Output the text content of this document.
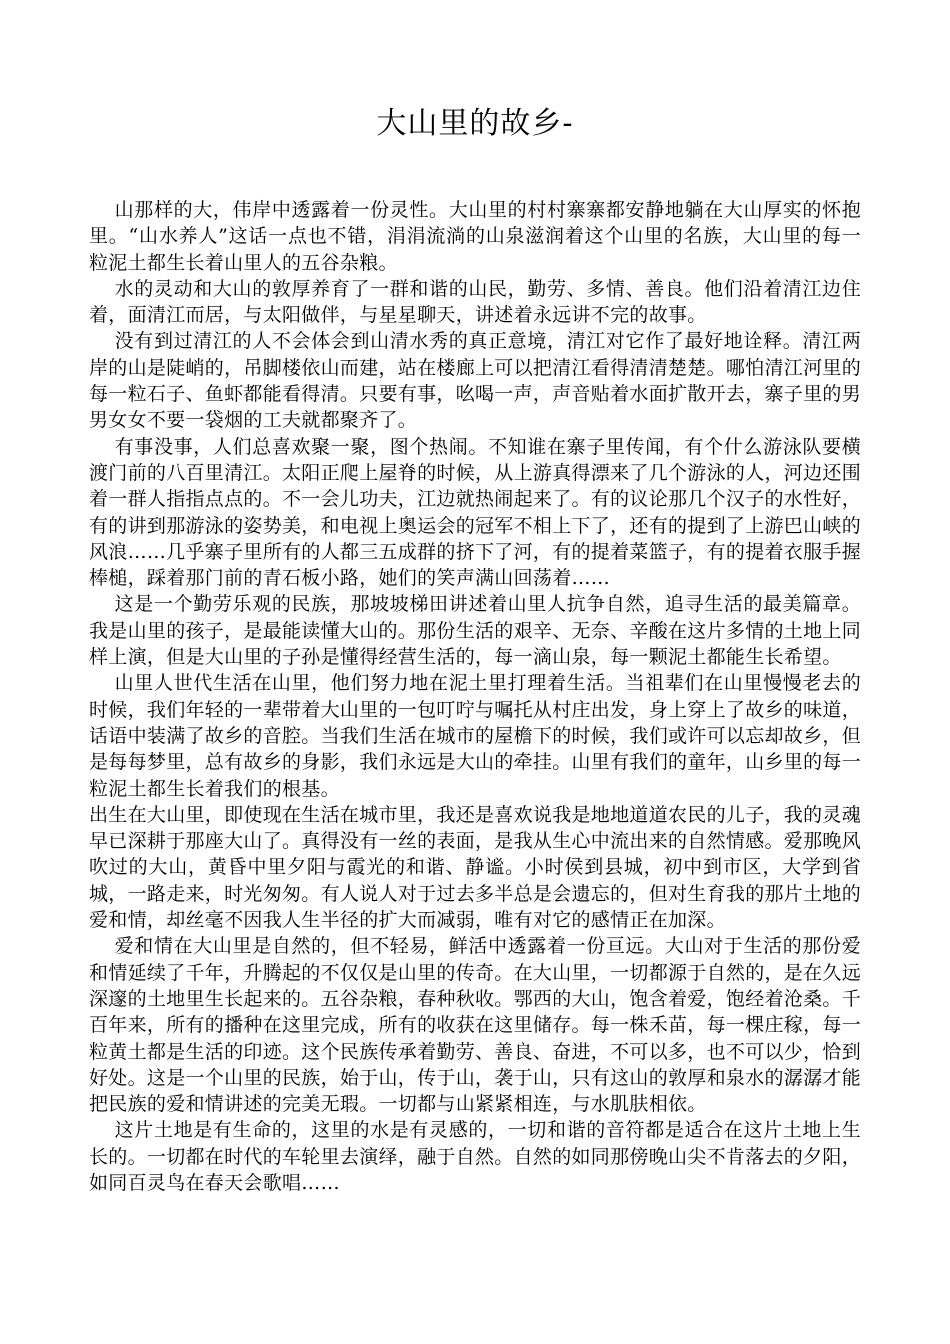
大山里的故乡-

山那样的大，伟岸中透露着一份灵性。大山里的村村寨寨都安静地躺在大山厚实的怀抱里。“山水养人”这话一点也不错，涓涓流淌的山泉滋润着这个山里的名族，大山里的每一粒泥土都生长着山里人的五谷杂粮。

水的灵动和大山的敦厚养育了一群和谐的山民，勤劳、多情、善良。他们沿着清江边住着，面清江而居，与太阳做伴，与星星聊天，讲述着永远讲不完的故事。

没有到过清江的人不会体会到山清水秀的真正意境，清江对它作了最好地诠释。清江两岸的山是陡峭的，吊脚楼依山而建，站在楼廊上可以把清江看得清清楚楚。哪怕清江河里的每一粒石子、鱼虾都能看得清。只要有事，吆喝一声，声音贴着水面扩散开去，寨子里的男男女女不要一袋烟的工夫就都聚齐了。

有事没事，人们总喜欢聚一聚，图个热闹。不知谁在寨子里传闻，有个什么游泳队要横渡门前的八百里清江。太阳正爬上屋脊的时候，从上游真得漂来了几个游泳的人，河边还围着一群人指指点点的。不一会儿功夫，江边就热闹起来了。有的议论那几个汉子的水性好，有的讲到那游泳的姿势美，和电视上奥运会的冠军不相上下了，还有的提到了上游巴山峡的风浪……几乎寨子里所有的人都三五成群的挤下了河，有的提着菜篮子，有的提着衣服手握棒槌，踩着那门前的青石板小路，她们的笑声满山回荡着……

这是一个勤劳乐观的民族，那坡坡梯田讲述着山里人抗争自然，追寻生活的最美篇章。我是山里的孩子，是最能读懂大山的。那份生活的艰辛、无奈、辛酸在这片多情的土地上同样上演，但是大山里的子孙是懂得经营生活的，每一滴山泉，每一颗泥土都能生长希望。

山里人世代生活在山里，他们努力地在泥土里打理着生活。当祖辈们在山里慢慢老去的时候，我们年轻的一辈带着大山里的一包叮咛与嘱托从村庄出发，身上穿上了故乡的味道，话语中装满了故乡的音腔。当我们生活在城市的屋檐下的时候，我们或许可以忘却故乡，但是每每梦里，总有故乡的身影，我们永远是大山的牵挂。山里有我们的童年，山乡里的每一粒泥土都生长着我们的根基。

出生在大山里，即使现在生活在城市里，我还是喜欢说我是地地道道农民的儿子，我的灵魂早已深耕于那座大山了。真得没有一丝的表面，是我从生心中流出来的自然情感。爱那晚风吹过的大山，黄昏中里夕阳与霞光的和谐、静谧。小时侯到县城，初中到市区，大学到省城，一路走来，时光匆匆。有人说人对于过去多半总是会遗忘的，但对生育我的那片土地的爱和情，却丝毫不因我人生半径的扩大而减弱，唯有对它的感情正在加深。

爱和情在大山里是自然的，但不轻易，鲜活中透露着一份亘远。大山对于生活的那份爱和情延续了千年，升腾起的不仅仅是山里的传奇。在大山里，一切都源于自然的，是在久远深邃的土地里生长起来的。五谷杂粮，春种秋收。鄂西的大山，饱含着爱，饱经着沧桑。千百年来，所有的播种在这里完成，所有的收获在这里储存。每一株禾苗，每一棵庄稼，每一粒黄土都是生活的印迹。这个民族传承着勤劳、善良、奋进，不可以多，也不可以少，恰到好处。这是一个山里的民族，始于山，传于山，袭于山，只有这山的敦厚和泉水的潺潺才能把民族的爱和情讲述的完美无瑕。一切都与山紧紧相连，与水肌肤相依。

这片土地是有生命的，这里的水是有灵感的，一切和谐的音符都是适合在这片土地上生长的。一切都在时代的车轮里去演绎，融于自然。自然的如同那傍晚山尖不肯落去的夕阳，如同百灵鸟在春天会歌唱……
